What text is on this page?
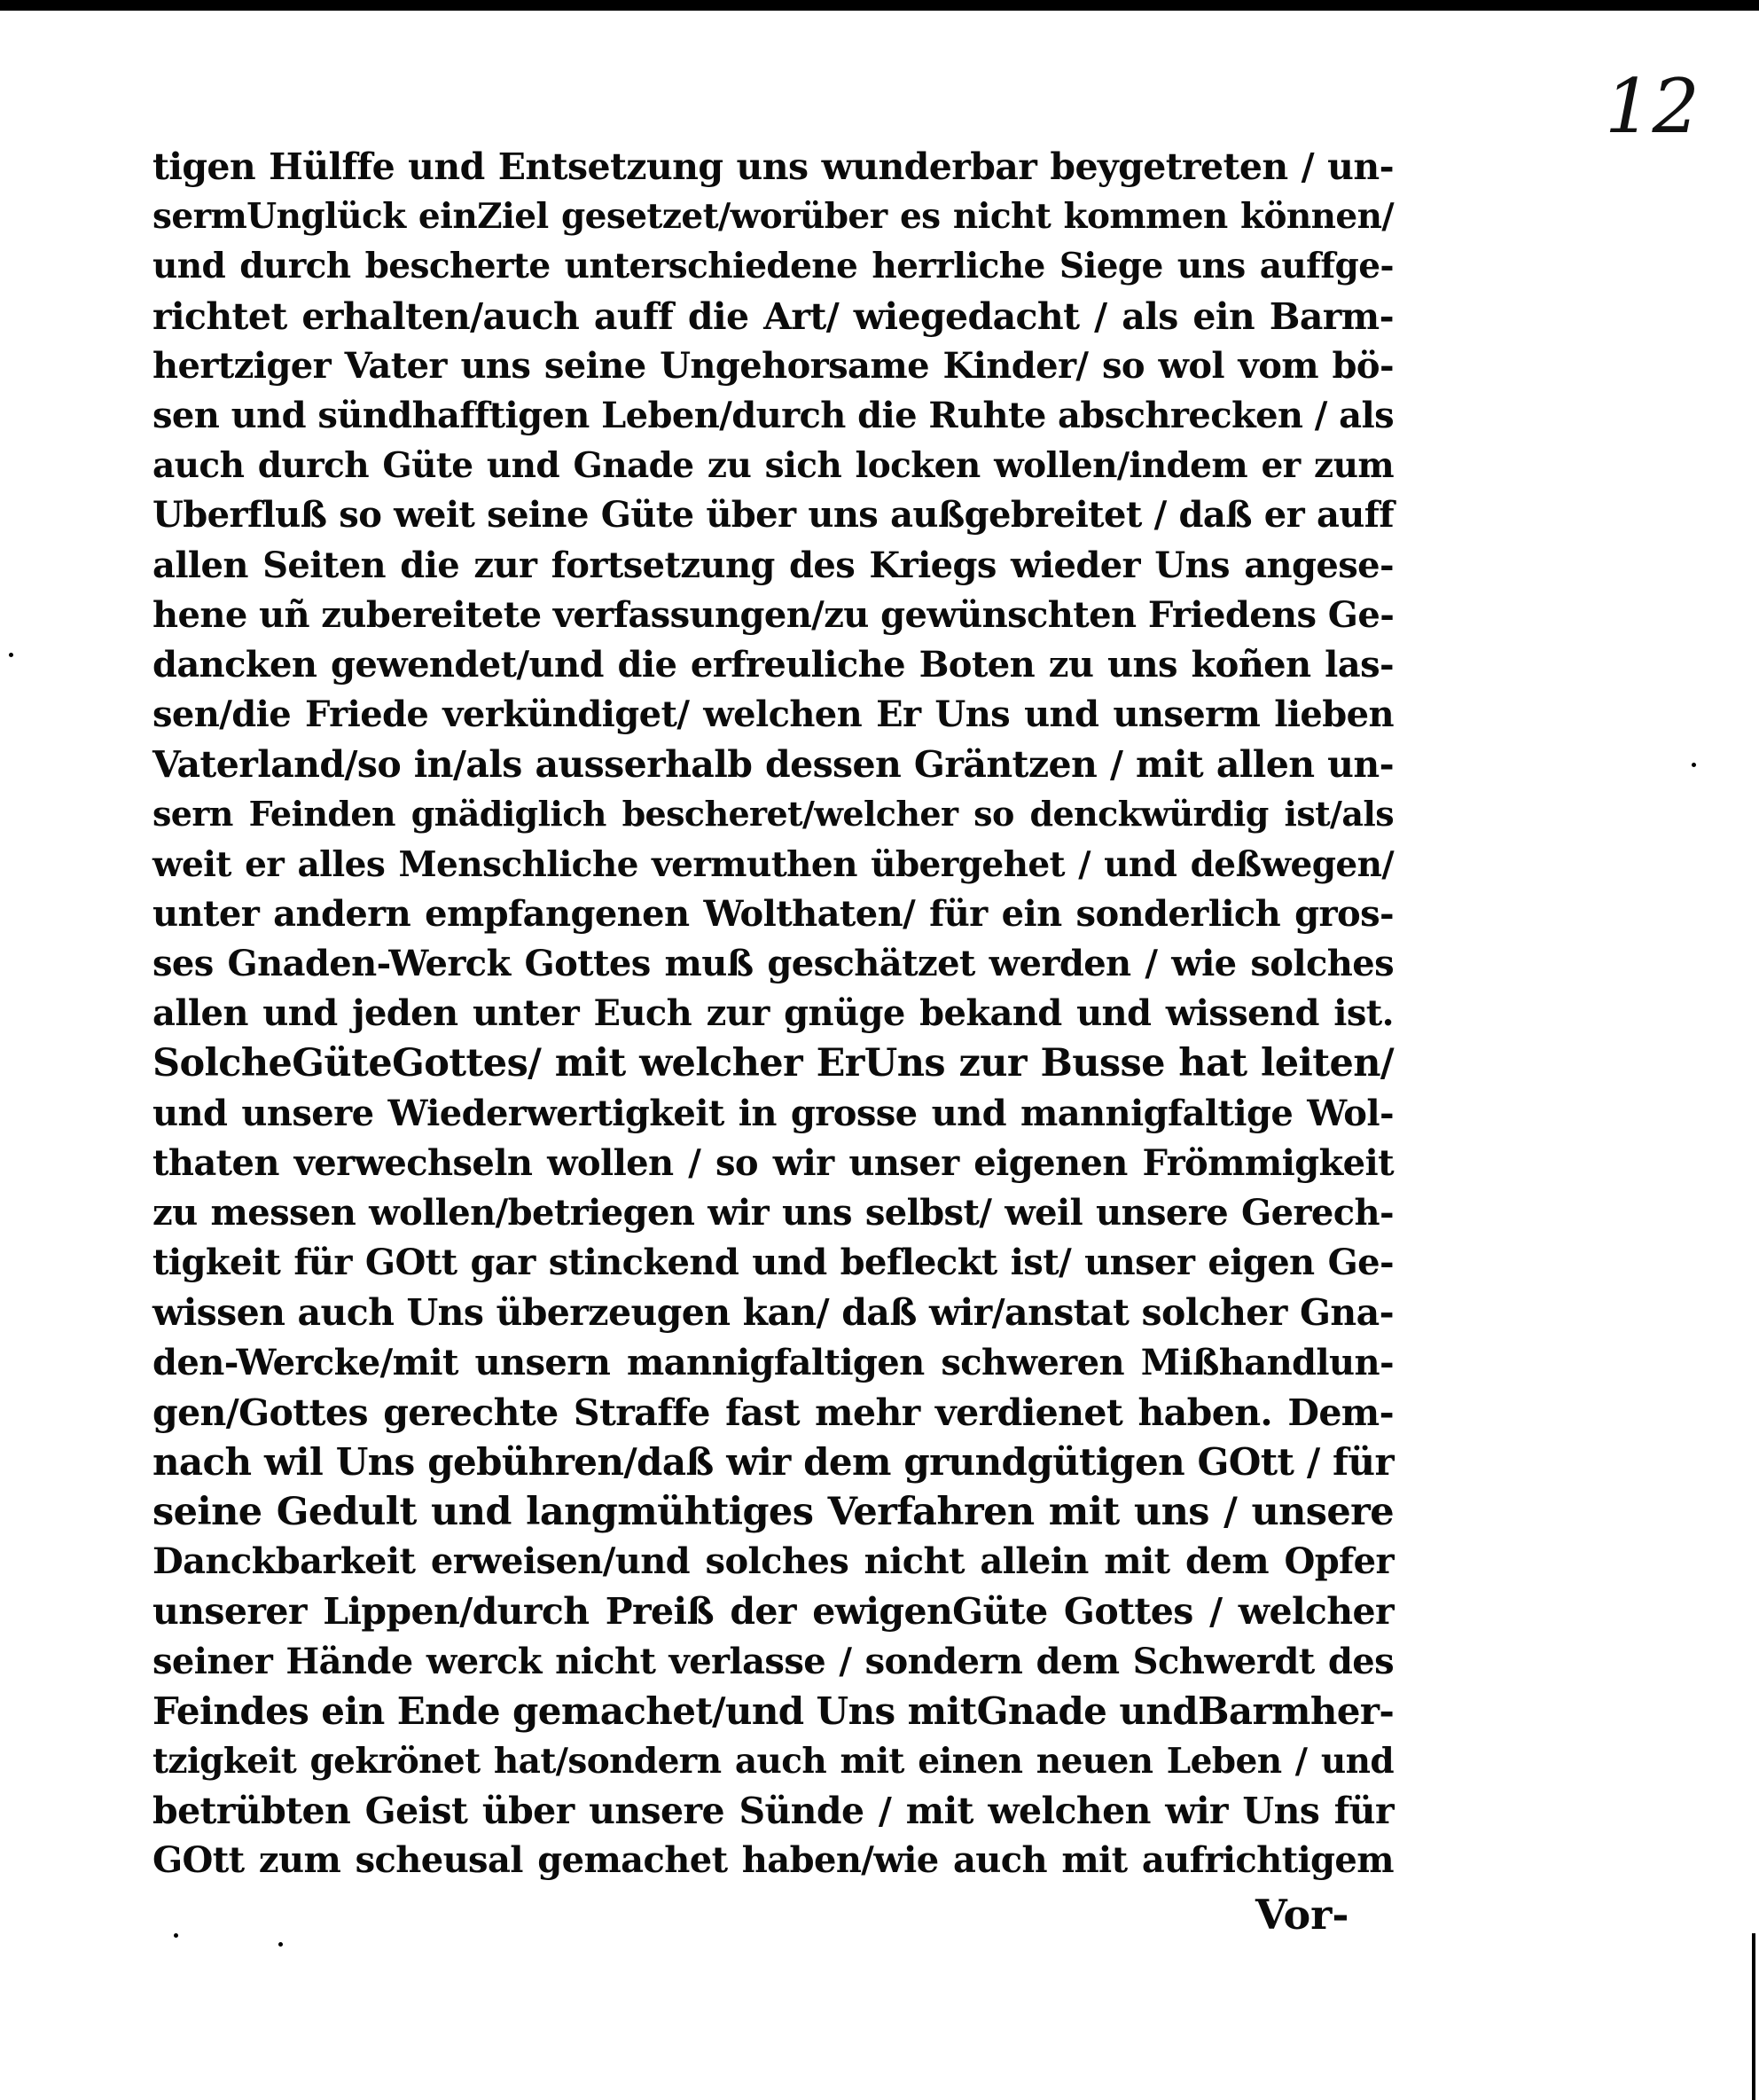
12
tigen Hülffe und Entsetzung uns wunderbar beygetreten / un-
sermUnglück einZiel gesetzet/worüber es nicht kommen können/
und durch bescherte unterschiedene herrliche Siege uns auffge-
richtet erhalten/auch auff die Art/ wiegedacht / als ein Barm-
hertziger Vater uns seine Ungehorsame Kinder/ so wol vom bö-
sen und sündhafftigen Leben/durch die Ruhte abschrecken / als
auch durch Güte und Gnade zu sich locken wollen/indem er zum
Uberfluß so weit seine Güte über uns außgebreitet / daß er auff
allen Seiten die zur fortsetzung des Kriegs wieder Uns angese-
hene uñ zubereitete verfassungen/zu gewünschten Friedens Ge-
dancken gewendet/und die erfreuliche Boten zu uns koñen las-
sen/die Friede verkündiget/ welchen Er Uns und unserm lieben
Vaterland/so in/als ausserhalb dessen Gräntzen / mit allen un-
sern Feinden gnädiglich bescheret/welcher so denckwürdig ist/als
weit er alles Menschliche vermuthen übergehet / und deßwegen/
unter andern empfangenen Wolthaten/ für ein sonderlich gros-
ses Gnaden-Werck Gottes muß geschätzet werden / wie solches
allen und jeden unter Euch zur gnüge bekand und wissend ist.
SolcheGüteGottes/ mit welcher ErUns zur Busse hat leiten/
und unsere Wiederwertigkeit in grosse und mannigfaltige Wol-
thaten verwechseln wollen / so wir unser eigenen Frömmigkeit
zu messen wollen/betriegen wir uns selbst/ weil unsere Gerech-
tigkeit für GOtt gar stinckend und befleckt ist/ unser eigen Ge-
wissen auch Uns überzeugen kan/ daß wir/anstat solcher Gna-
den-Wercke/mit unsern mannigfaltigen schweren Mißhandlun-
gen/Gottes gerechte Straffe fast mehr verdienet haben. Dem-
nach wil Uns gebühren/daß wir dem grundgütigen GOtt / für
seine Gedult und langmühtiges Verfahren mit uns / unsere
Danckbarkeit erweisen/und solches nicht allein mit dem Opfer
unserer Lippen/durch Preiß der ewigenGüte Gottes / welcher
seiner Hände werck nicht verlasse / sondern dem Schwerdt des
Feindes ein Ende gemachet/und Uns mitGnade undBarmher-
tzigkeit gekrönet hat/sondern auch mit einen neuen Leben / und
betrübten Geist über unsere Sünde / mit welchen wir Uns für
GOtt zum scheusal gemachet haben/wie auch mit aufrichtigem
Vor-
